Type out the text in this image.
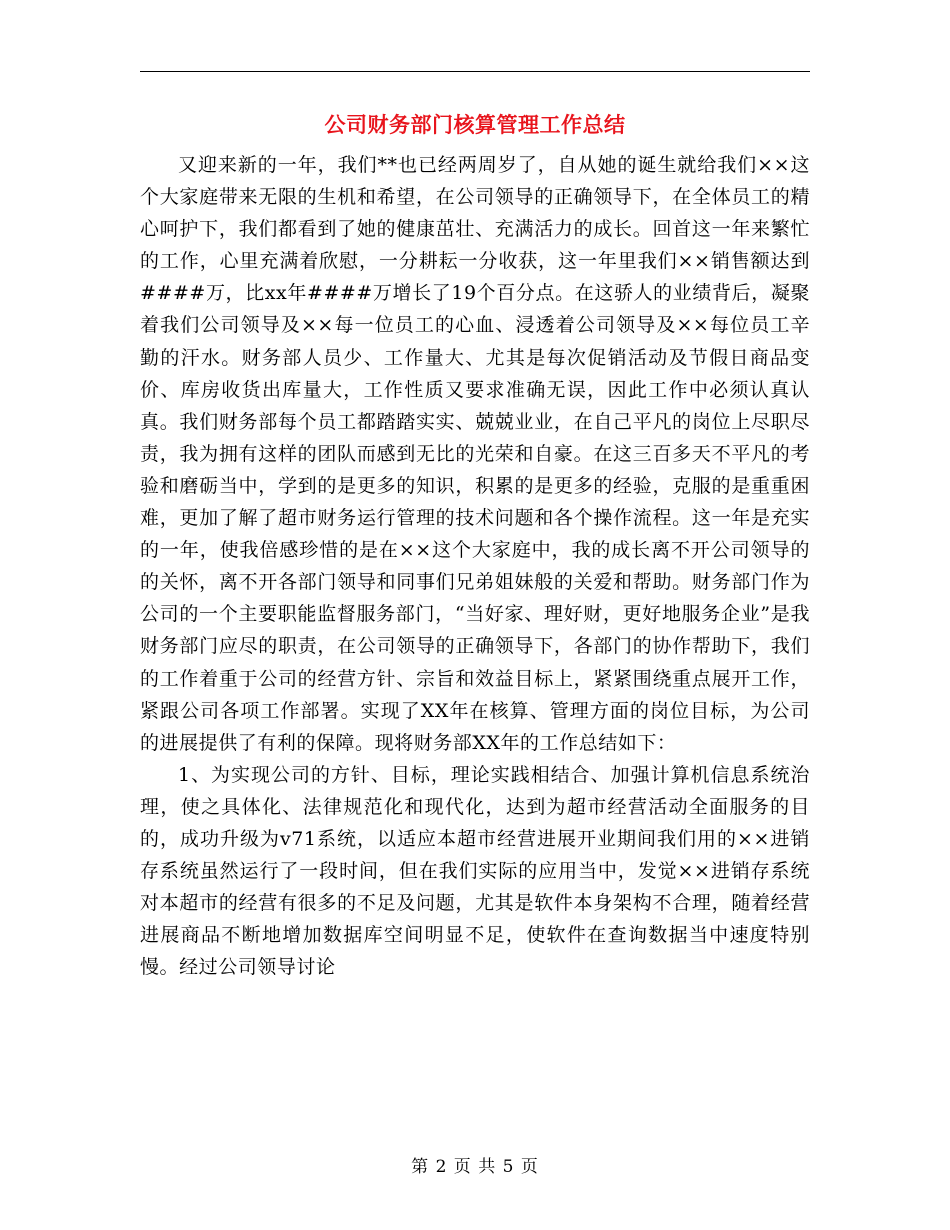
公司财务部门核算管理工作总结

又迎来新的一年，我们**也已经两周岁了，自从她的诞生就给我们××这个大家庭带来无限的生机和希望，在公司领导的正确领导下，在全体员工的精心呵护下，我们都看到了她的健康茁壮、充满活力的成长。回首这一年来繁忙的工作，心里充满着欣慰，一分耕耘一分收获，这一年里我们××销售额达到####万，比xx年####万增长了19个百分点。在这骄人的业绩背后，凝聚着我们公司领导及××每一位员工的心血、浸透着公司领导及××每位员工辛勤的汗水。财务部人员少、工作量大、尤其是每次促销活动及节假日商品变价、库房收货出库量大，工作性质又要求准确无误，因此工作中必须认真认真。我们财务部每个员工都踏踏实实、兢兢业业，在自己平凡的岗位上尽职尽责，我为拥有这样的团队而感到无比的光荣和自豪。在这三百多天不平凡的考验和磨砺当中，学到的是更多的知识，积累的是更多的经验，克服的是重重困难，更加了解了超市财务运行管理的技术问题和各个操作流程。这一年是充实的一年，使我倍感珍惜的是在××这个大家庭中，我的成长离不开公司领导的的关怀，离不开各部门领导和同事们兄弟姐妹般的关爱和帮助。财务部门作为公司的一个主要职能监督服务部门，“当好家、理好财，更好地服务企业”是我财务部门应尽的职责，在公司领导的正确领导下，各部门的协作帮助下，我们的工作着重于公司的经营方针、宗旨和效益目标上，紧紧围绕重点展开工作，紧跟公司各项工作部署。实现了XX年在核算、管理方面的岗位目标，为公司的进展提供了有利的保障。现将财务部XX年的工作总结如下：

1、为实现公司的方针、目标，理论实践相结合、加强计算机信息系统治理，使之具体化、法律规范化和现代化，达到为超市经营活动全面服务的目的，成功升级为v71系统，以适应本超市经营进展开业期间我们用的××进销存系统虽然运行了一段时间，但在我们实际的应用当中，发觉××进销存系统对本超市的经营有很多的不足及问题，尤其是软件本身架构不合理，随着经营进展商品不断地增加数据库空间明显不足，使软件在查询数据当中速度特别慢。经过公司领导讨论

第 2 页 共 5 页
